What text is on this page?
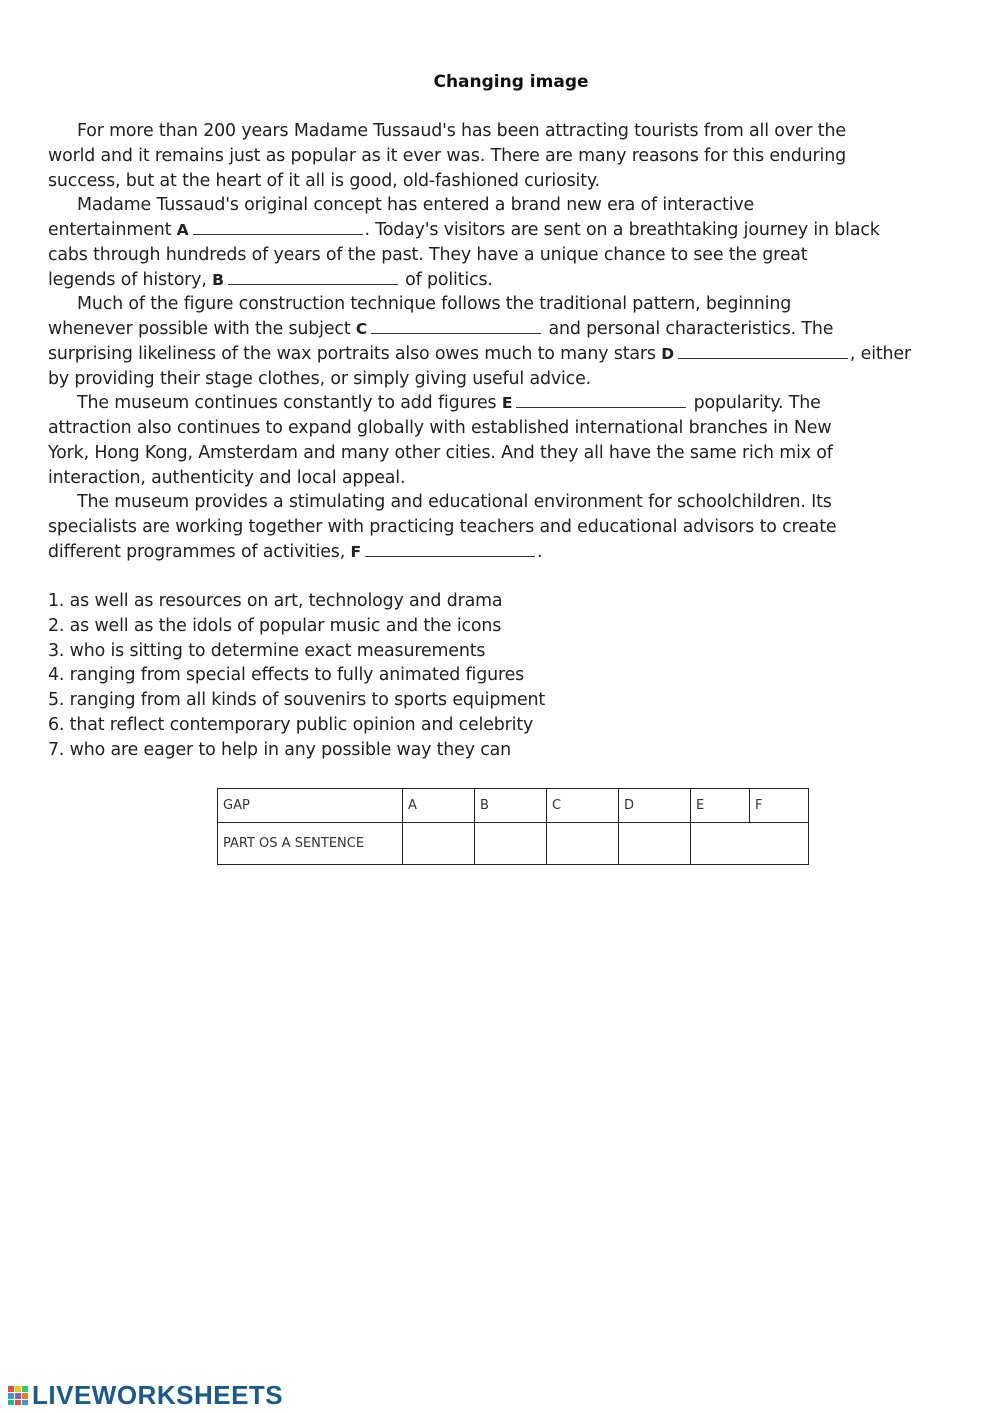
Changing image
For more than 200 years Madame Tussaud's has been attracting tourists from all over the
world and it remains just as popular as it ever was. There are many reasons for this enduring
success, but at the heart of it all is good, old-fashioned curiosity.
Madame Tussaud's original concept has entered a brand new era of interactive
entertainment A	. Today's visitors are sent on a breathtaking journey in black
cabs through hundreds of years of the past. They have a unique chance to see the great
legends of history, B	of politics.
Much of the figure construction technique follows the traditional pattern, beginning
whenever possible with the subject C	and personal characteristics. The
surprising likeliness of the wax portraits also owes much to many stars D	, either
by providing their stage clothes, or simply giving useful advice.
The museum continues constantly to add figures E	popularity. The
attraction also continues to expand globally with established international branches in New
York, Hong Kong, Amsterdam and many other cities. And they all have the same rich mix of
interaction, authenticity and local appeal.
The museum provides a stimulating and educational environment for schoolchildren. Its
specialists are working together with practicing teachers and educational advisors to create
different programmes of activities, F	.
1. as well as resources on art, technology and drama
2. as well as the idols of popular music and the icons
3. who is sitting to determine exact measurements
4. ranging from special effects to fully animated figures
5. ranging from all kinds of souvenirs to sports equipment
6. that reflect contemporary public opinion and celebrity
7. who are eager to help in any possible way they can
GAP	A	B	C	D	E	F
PART OS A SENTENCE						
LIVEWORKSHEETS
